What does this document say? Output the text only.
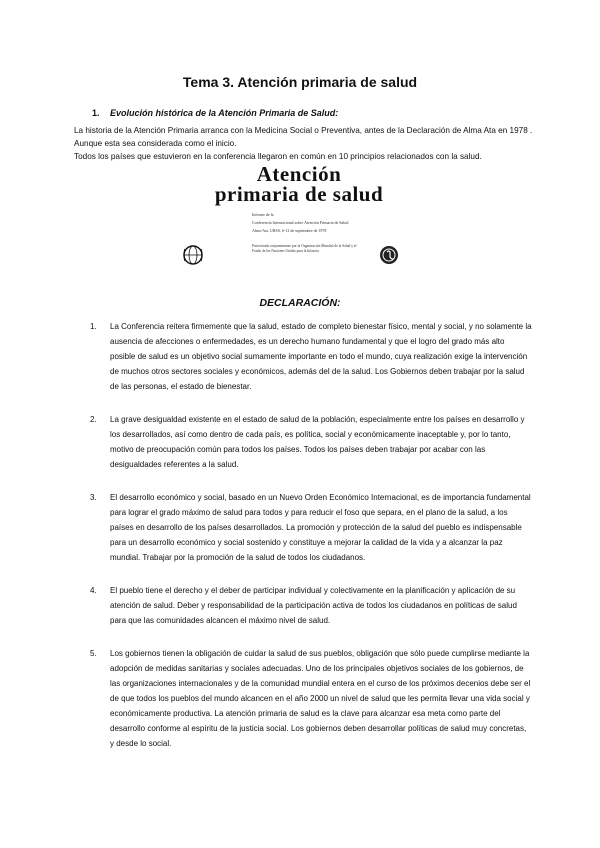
Tema 3. Atención primaria de salud
1. Evolución histórica de la Atención Primaria de Salud:

La historia de la Atención Primaria arranca con la Medicina Social o Preventiva, antes de la Declaración de Alma Ata en 1978 . Aunque esta sea considerada como el inicio.

Todos los países que estuvieron en la conferencia llegaron en común en 10 principios relacionados con la salud.

Atención
primaria de salud

Informe de la

Conferencia Internacional sobre Atención Primaria de Salud

Alma-Ata, URSS, 6-12 de septiembre de 1978

Patrocinada conjuntamente por la Organización Mundial de la Salud y el Fondo de las Naciones Unidas para la Infancia
DECLARACIÓN:
1. La Conferencia reitera firmemente que la salud, estado de completo bienestar físico, mental y social, y no solamente la ausencia de afecciones o enfermedades, es un derecho humano fundamental y que el logro del grado más alto posible de salud es un objetivo social sumamente importante en todo el mundo, cuya realización exige la intervención de muchos otros sectores sociales y económicos, además del de la salud. Los Gobiernos deben trabajar por la salud de las personas, el estado de bienestar.

2. La grave desigualdad existente en el estado de salud de la población, especialmente entre los países en desarrollo y los desarrollados, así como dentro de cada país, es política, social y económicamente inaceptable y, por lo tanto, motivo de preocupación común para todos los países. Todos los países deben trabajar por acabar con las desigualdades referentes a la salud.

3. El desarrollo económico y social, basado en un Nuevo Orden Económico Internacional, es de importancia fundamental para lograr el grado máximo de salud para todos y para reducir el foso que separa, en el plano de la salud, a los países en desarrollo de los países desarrollados. La promoción y protección de la salud del pueblo es indispensable para un desarrollo económico y social sostenido y constituye a mejorar la calidad de la vida y a alcanzar la paz mundial. Trabajar por la promoción de la salud de todos los ciudadanos.

4. El pueblo tiene el derecho y el deber de participar individual y colectivamente en la planificación y aplicación de su atención de salud. Deber y responsabilidad de la participación activa de todos los ciudadanos en políticas de salud para que las comunidades alcancen el máximo nivel de salud.

5. Los gobiernos tienen la obligación de cuidar la salud de sus pueblos, obligación que sólo puede cumplirse mediante la adopción de medidas sanitarias y sociales adecuadas. Uno de los principales objetivos sociales de los gobiernos, de las organizaciones internacionales y de la comunidad mundial entera en el curso de los próximos decenios debe ser el de que todos los pueblos del mundo alcancen en el año 2000 un nivel de salud que les permita llevar una vida social y económicamente productiva. La atención primaria de salud es la clave para alcanzar esa meta como parte del desarrollo conforme al espíritu de la justicia social. Los gobiernos deben desarrollar políticas de salud muy concretas, y desde lo social.
